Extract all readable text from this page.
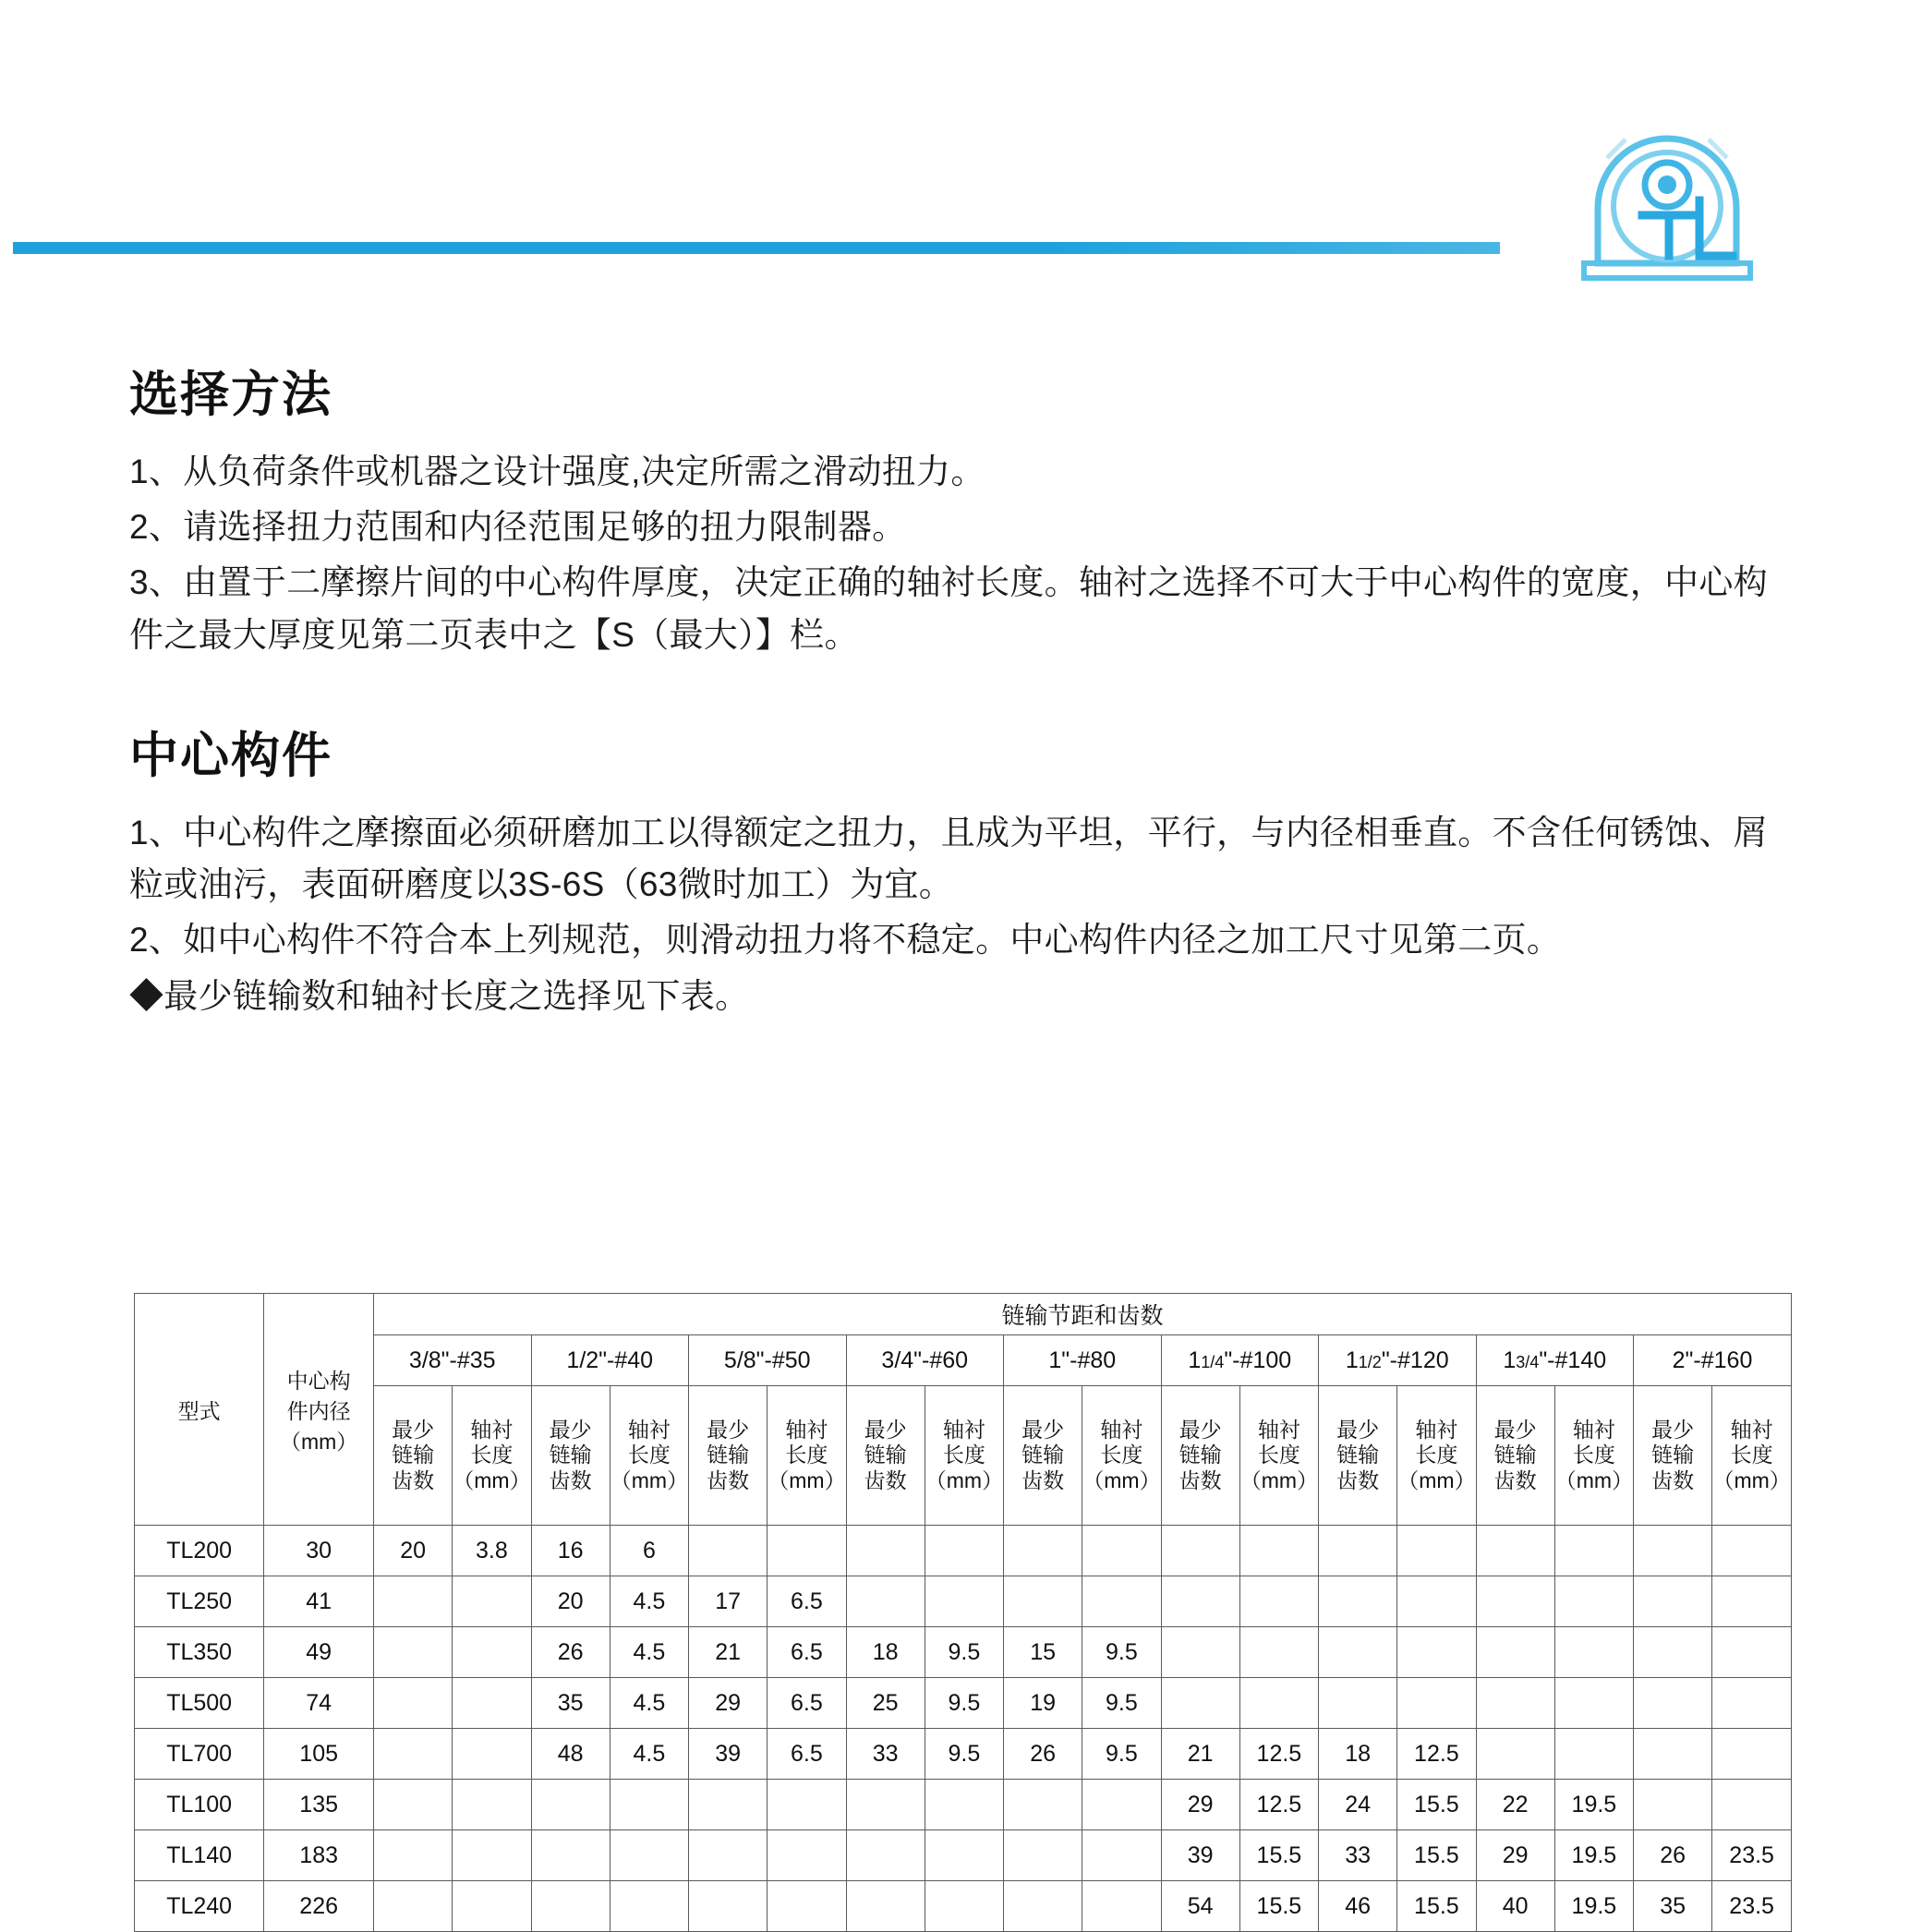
选择方法

1、从负荷条件或机器之设计强度,决定所需之滑动扭力。

2、请选择扭力范围和内径范围足够的扭力限制器。

3、由置于二摩擦片间的中心构件厚度，决定正确的轴衬长度。轴衬之选择不可大于中心构件的宽度，中心构件之最大厚度见第二页表中之【S（最大）】栏。

中心构件

1、中心构件之摩擦面必须研磨加工以得额定之扭力，且成为平坦，平行，与内径相垂直。不含任何锈蚀、屑粒或油污，表面研磨度以3S-6S（63微时加工）为宜。

2、如中心构件不符合本上列规范，则滑动扭力将不稳定。中心构件内径之加工尺寸见第二页。

◆最少链输数和轴衬长度之选择见下表。

型式	中心构
件内径
（mm）	链输节距和齿数																	
		3/8"-#35		1/2"-#40		5/8"-#50		3/4"-#60		1"-#80		11/4"-#100		11/2"-#120		13/4"-#140		2"-#160	

		最少
链输
齿数	轴衬
长度
（mm）	最少
链输
齿数	轴衬
长度
（mm）	最少
链输
齿数	轴衬
长度
（mm）	最少
链输
齿数	轴衬
长度
（mm）	最少
链输
齿数	轴衬
长度
（mm）	最少
链输
齿数	轴衬
长度
（mm）	最少
链输
齿数	轴衬
长度
（mm）	最少
链输
齿数	轴衬
长度
（mm）	最少
链输
齿数	轴衬
长度
（mm）

TL200	30	20	3.8	16	6														
TL250	41			20	4.5	17	6.5												
TL350	49			26	4.5	21	6.5	18	9.5	15	9.5								
TL500	74			35	4.5	29	6.5	25	9.5	19	9.5								
TL700	105			48	4.5	39	6.5	33	9.5	26	9.5	21	12.5	18	12.5				
TL100	135											29	12.5	24	15.5	22	19.5		
TL140	183											39	15.5	33	15.5	29	19.5	26	23.5
TL240	226											54	15.5	46	15.5	40	19.5	35	23.5
